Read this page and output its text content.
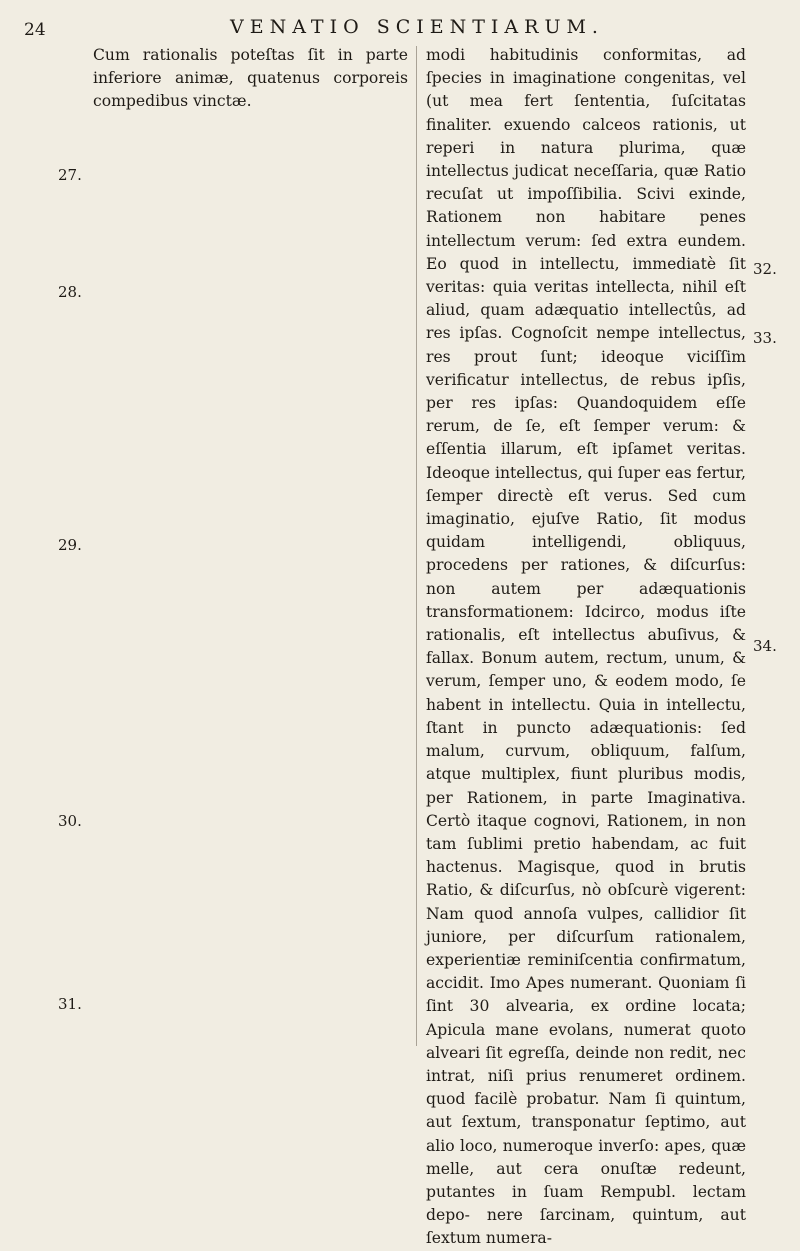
24	VENATIO SCIENTIARUM.

Cum rationalis poteſtas ſit in parte inferiore animæ, quatenus corporeis compedibus vinctæ.

modi habitudinis conformitas, ad ſpecies in imaginatione congenitas, vel (ut mea fert ſententia, ſuſcitatas finaliter. exuendo calceos rationis, ut reperi in natura plurima, quæ intellectus judicat neceſſaria, quæ Ratio recuſat ut impoſſibilia. Scivi exinde, Rationem non habitare penes intellectum verum: ſed extra eundem. Eo quod in intellectu, immediatè ſit veritas: quia veritas intellecta, nihil eſt aliud, quam adæquatio intellectûs, ad res ipſas. Cognoſcit nempe intellectus, res prout ſunt; ideoque viciſſim verificatur intellectus, de rebus ipſis, per res ipſas: Quandoquidem eſſe rerum, de ſe, eſt ſemper verum: & eſſentia illarum, eſt ipſamet veritas. Ideoque intellectus, qui ſuper eas fertur, ſemper directè eſt verus. Sed cum imaginatio, ejuſve Ratio, ſit modus quidam intelligendi, obliquus, procedens per rationes, & diſcurſus: non autem per adæquationis transformationem: Idcirco, modus iſte rationalis, eſt intellectus abuſivus, & fallax. Bonum autem, rectum, unum, & verum, ſemper uno, & eodem modo, ſe habent in intellectu. Quia in intellectu, ſtant in puncto adæquationis: ſed malum, curvum, obliquum, falſum, atque multiplex, fiunt pluribus modis, per Rationem, in parte Imaginativa. Certò itaque cognovi, Rationem, in non tam ſublimi pretio habendam, ac fuit hactenus. Magisque, quod in brutis Ratio, & diſcurſus, nò obſcurè vigerent: Nam quod annoſa vulpes, callidior ſit juniore, per diſcurſum rationalem, experientiæ reminiſcentia confirmatum, accidit. Imo Apes numerant. Quoniam ſi ſint 30 alvearia, ex ordine locata; Apicula mane evolans, numerat quoto alveari ſit egreſſa, deinde non redit, nec intrat, niſi prius renumeret ordinem. quod facilè probatur. Nam ſi quintum, aut ſextum, transponatur ſeptimo, aut alio loco, numeroque inverſo: apes, quæ melle, aut cera onuſtæ redeunt, putantes in ſuam Rempubl. lectam depo- nere ſarcinam, quintum, aut ſextum numera-

27.
28.
29.
30.
31.
32.
33.
34.
